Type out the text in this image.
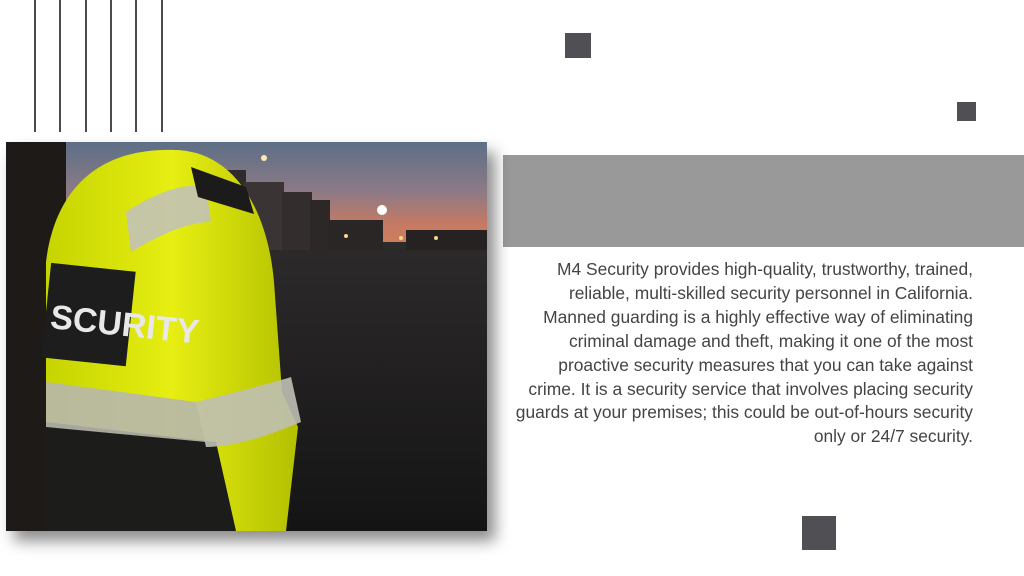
SCURITY

M4 Security provides high-quality, trustworthy, trained, reliable, multi-skilled security personnel in California.

Manned guarding is a highly effective way of eliminating criminal damage and theft, making it one of the most proactive security measures that you can take against crime. It is a security service that involves placing security guards at your premises; this could be out-of-hours security only or 24/7 security.
